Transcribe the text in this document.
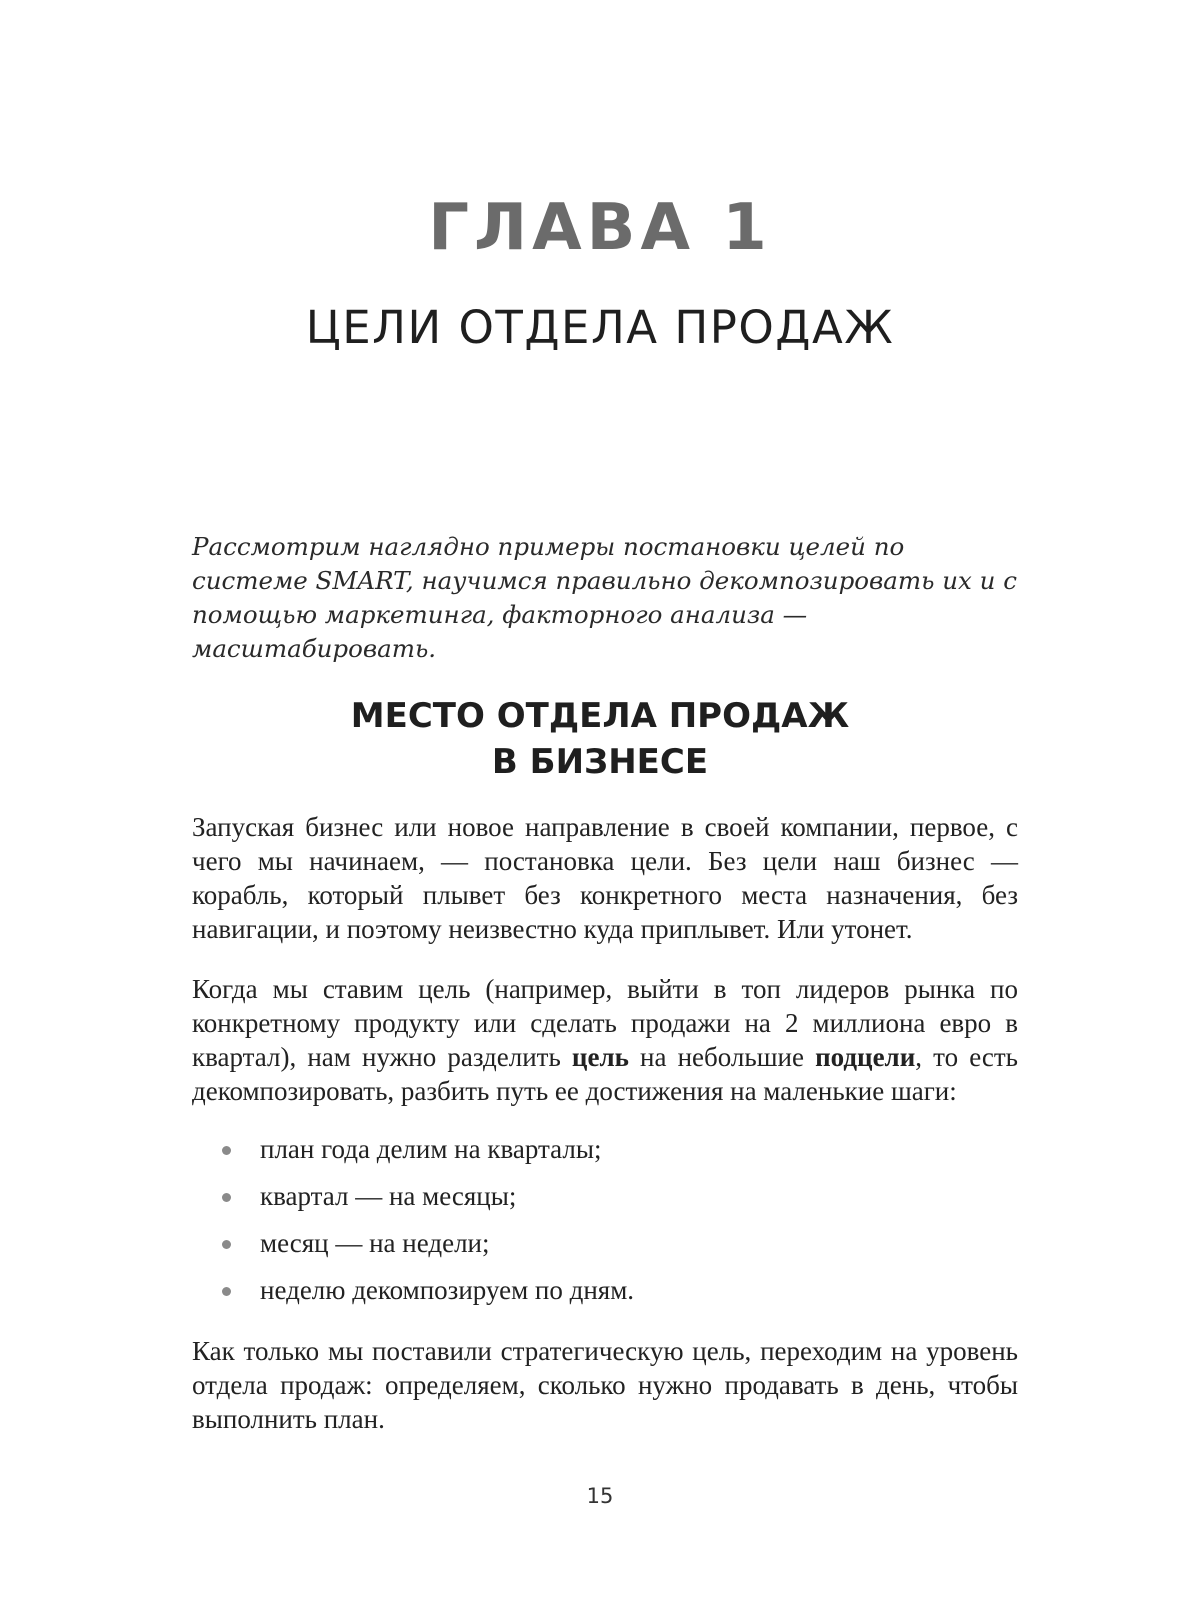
ГЛАВА 1
ЦЕЛИ ОТДЕЛА ПРОДАЖ

Рассмотрим наглядно примеры постановки целей по системе SMART, научимся правильно декомпозировать их и с помощью маркетинга, факторного анализа — масштабировать.

МЕСТО ОТДЕЛА ПРОДАЖ
В БИЗНЕСЕ

Запуская бизнес или новое направление в своей компании, первое, с чего мы начинаем, — постановка цели. Без цели наш бизнес — корабль, который плывет без конкретного места назначения, без навигации, и поэтому неизвестно куда приплывет. Или утонет.

Когда мы ставим цель (например, выйти в топ лидеров рынка по конкретному продукту или сделать продажи на 2 миллиона евро в квартал), нам нужно разделить цель на небольшие подцели, то есть декомпозировать, разбить путь ее достижения на маленькие шаги:

план года делим на кварталы;
квартал — на месяцы;
месяц — на недели;
неделю декомпозируем по дням.

Как только мы поставили стратегическую цель, переходим на уровень отдела продаж: определяем, сколько нужно продавать в день, чтобы выполнить план.

15
